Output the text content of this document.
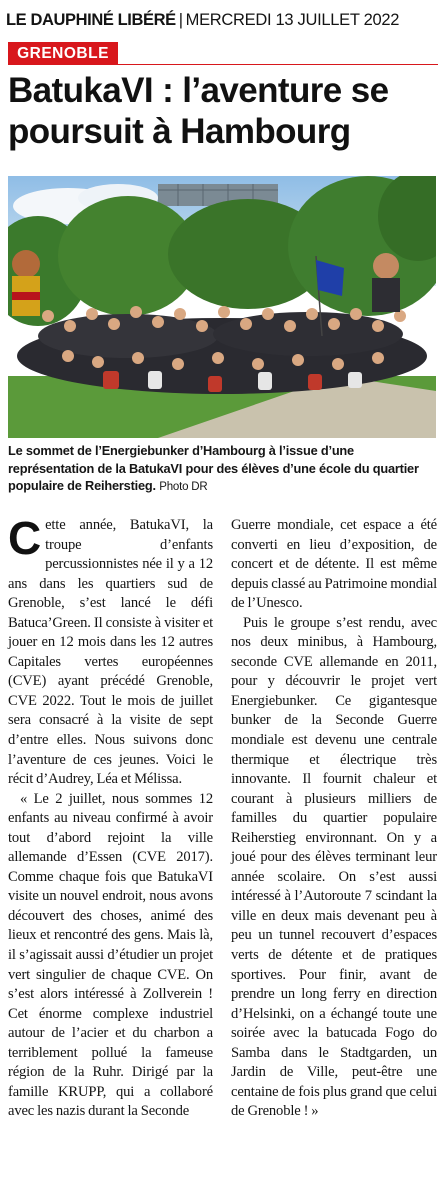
LE DAUPHINÉ LIBÉRÉ | MERCREDI 13 JUILLET 2022
GRENOBLE
BatukaVI : l’aventure se poursuit à Hambourg
Le sommet de l’Energiebunker d’Hambourg à l’issue d’une représentation de la BatukaVI pour des élèves d’une école du quartier populaire de Reiherstieg. Photo DR

Cette année, BatukaVI, la troupe d’enfants percussionnistes née il y a 12 ans dans les quartiers sud de Grenoble, s’est lancé le défi Batuca’Green. Il consiste à visiter et jouer en 12 mois dans les 12 autres Capitales vertes européennes (CVE) ayant précédé Grenoble, CVE 2022. Tout le mois de juillet sera consacré à la visite de sept d’entre elles. Nous suivons donc l’aventure de ces jeunes. Voici le récit d’Audrey, Léa et Mélissa.

« Le 2 juillet, nous sommes 12 enfants au niveau confirmé à avoir tout d’abord rejoint la ville allemande d’Essen (CVE 2017). Comme chaque fois que BatukaVI visite un nouvel endroit, nous avons découvert des choses, animé des lieux et rencontré des gens. Mais là, il s’agissait aussi d’étudier un projet vert singulier de chaque CVE. On s’est alors intéressé à Zollverein ! Cet énorme complexe industriel autour de l’acier et du charbon a terriblement pollué la fameuse région de la Ruhr. Dirigé par la famille KRUPP, qui a collaboré avec les nazis durant la Seconde

Guerre mondiale, cet espace a été converti en lieu d’exposition, de concert et de détente. Il est même depuis classé au Patrimoine mondial de l’Unesco.

Puis le groupe s’est rendu, avec nos deux minibus, à Hambourg, seconde CVE allemande en 2011, pour y découvrir le projet vert Energiebunker. Ce gigantesque bunker de la Seconde Guerre mondiale est devenu une centrale thermique et électrique très innovante. Il fournit chaleur et courant à plusieurs milliers de familles du quartier populaire Reiherstieg environnant. On y a joué pour des élèves terminant leur année scolaire. On s’est aussi intéressé à l’Autoroute 7 scindant la ville en deux mais devenant peu à peu un tunnel recouvert d’espaces verts de détente et de pratiques sportives. Pour finir, avant de prendre un long ferry en direction d’Helsinki, on a échangé toute une soirée avec la batucada Fogo do Samba dans le Stadtgarden, un Jardin de Ville, peut-être une centaine de fois plus grand que celui de Grenoble ! »
